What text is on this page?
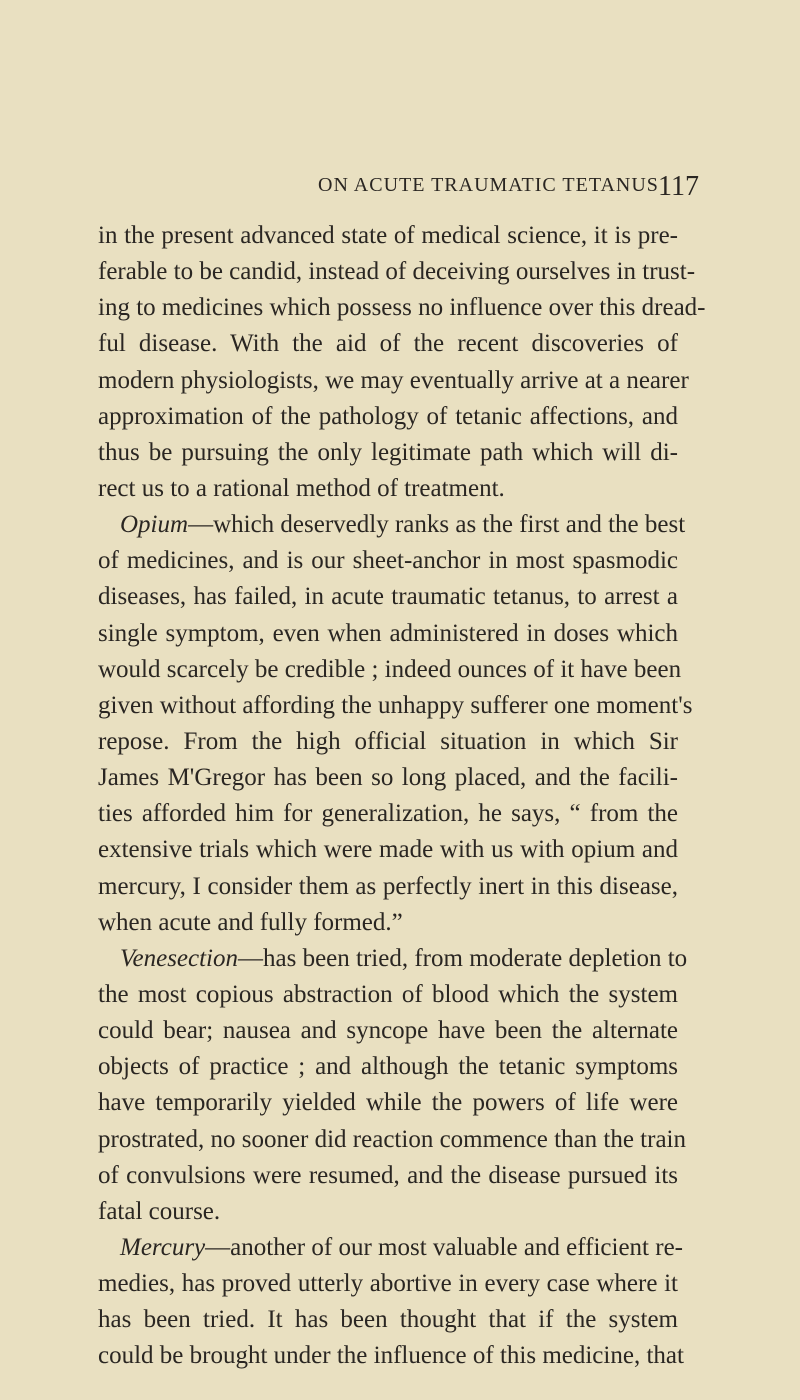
ON ACUTE TRAUMATIC TETANUS 117
in the present advanced state of medical science, it is pre-
ferable to be candid, instead of deceiving ourselves in trust-
ing to medicines which possess no influence over this dread-
ful disease. With the aid of the recent discoveries of
modern physiologists, we may eventually arrive at a nearer
approximation of the pathology of tetanic affections, and
thus be pursuing the only legitimate path which will di-
rect us to a rational method of treatment.
Opium—which deservedly ranks as the first and the best
of medicines, and is our sheet-anchor in most spasmodic
diseases, has failed, in acute traumatic tetanus, to arrest a
single symptom, even when administered in doses which
would scarcely be credible ; indeed ounces of it have been
given without affording the unhappy sufferer one moment's
repose. From the high official situation in which Sir
James M'Gregor has been so long placed, and the facili-
ties afforded him for generalization, he says, “ from the
extensive trials which were made with us with opium and
mercury, I consider them as perfectly inert in this disease,
when acute and fully formed.”
Venesection—has been tried, from moderate depletion to
the most copious abstraction of blood which the system
could bear; nausea and syncope have been the alternate
objects of practice ; and although the tetanic symptoms
have temporarily yielded while the powers of life were
prostrated, no sooner did reaction commence than the train
of convulsions were resumed, and the disease pursued its
fatal course.
Mercury—another of our most valuable and efficient re-
medies, has proved utterly abortive in every case where it
has been tried. It has been thought that if the system
could be brought under the influence of this medicine, that
